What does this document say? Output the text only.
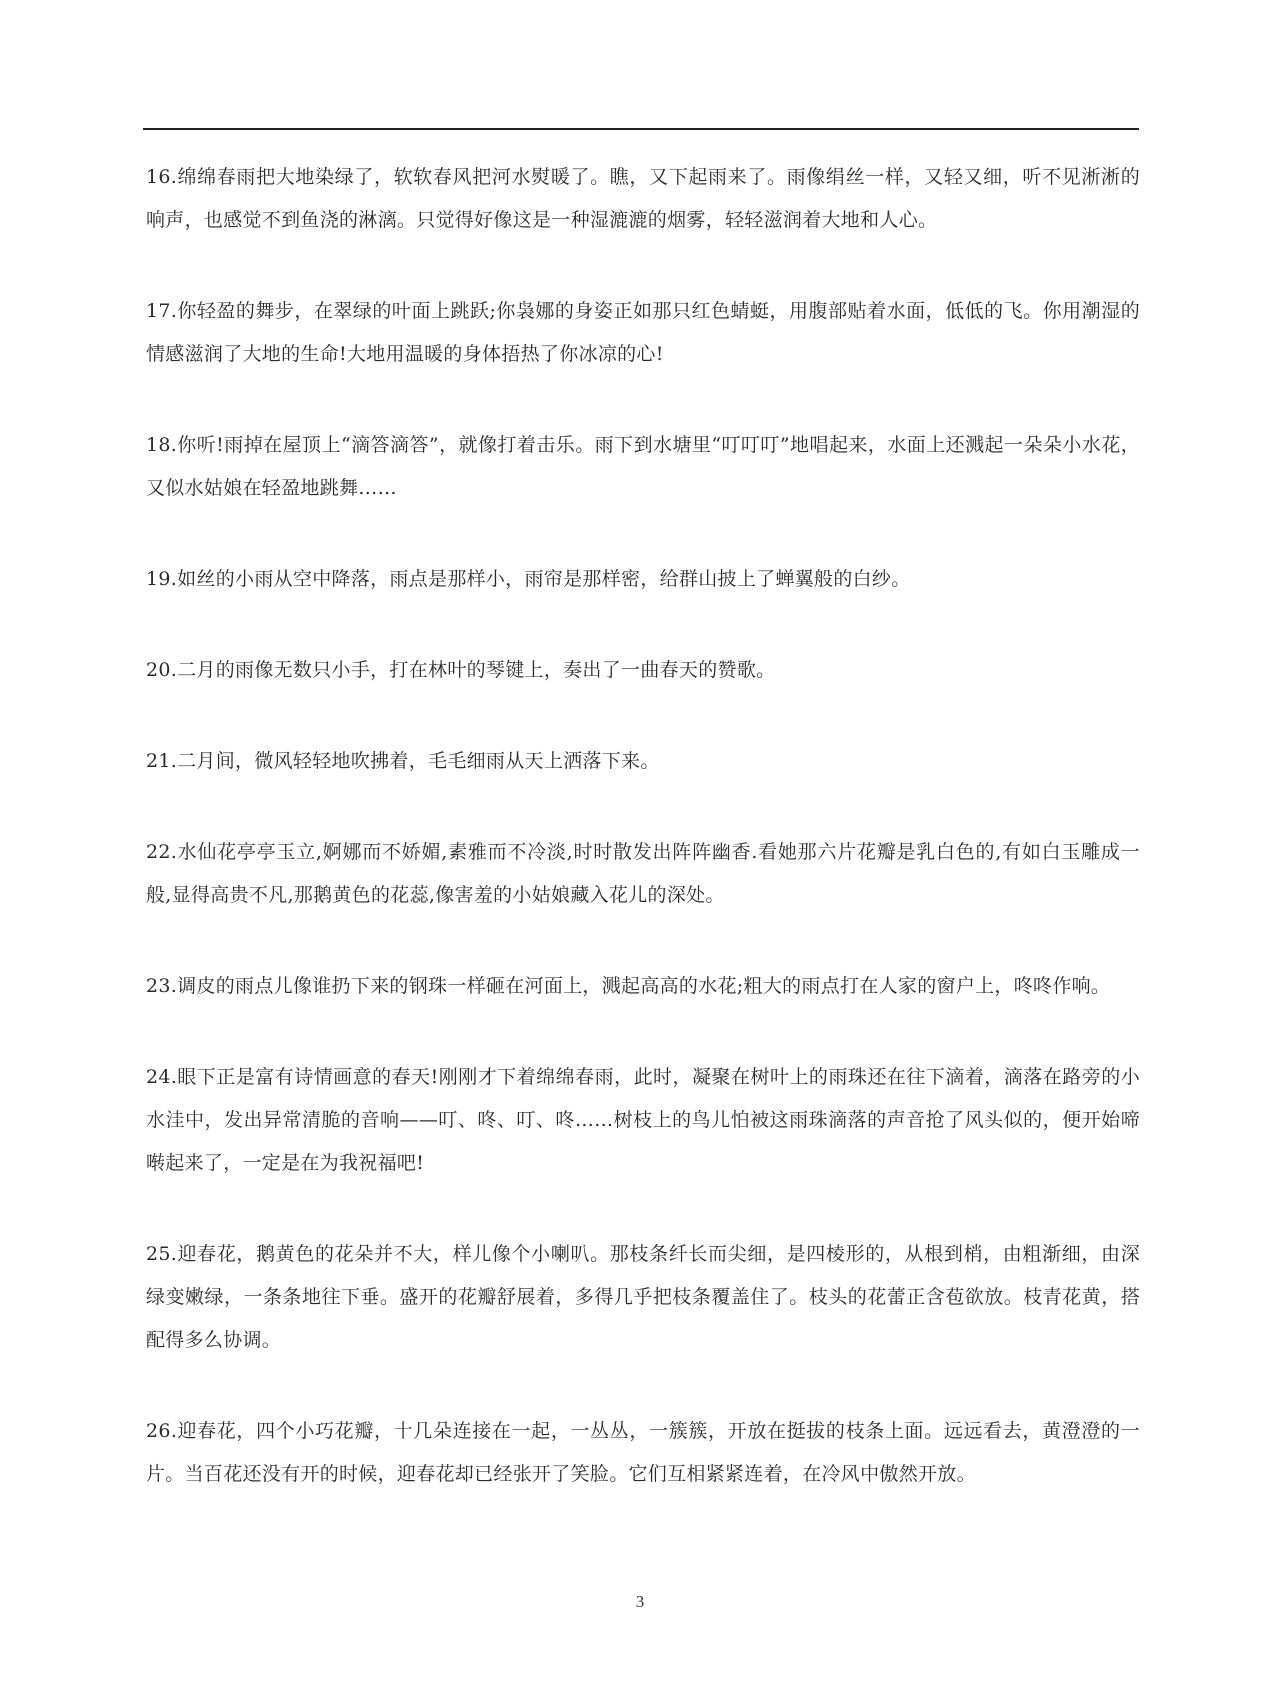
16.绵绵春雨把大地染绿了，软软春风把河水熨暖了。瞧，又下起雨来了。雨像绢丝一样，又轻又细，听不见淅淅的响声，也感觉不到鱼浇的淋漓。只觉得好像这是一种湿漉漉的烟雾，轻轻滋润着大地和人心。

17.你轻盈的舞步，在翠绿的叶面上跳跃;你袅娜的身姿正如那只红色蜻蜓，用腹部贴着水面，低低的飞。你用潮湿的情感滋润了大地的生命!大地用温暖的身体捂热了你冰凉的心!

18.你听!雨掉在屋顶上“滴答滴答”，就像打着击乐。雨下到水塘里“叮叮叮”地唱起来，水面上还溅起一朵朵小水花，又似水姑娘在轻盈地跳舞……

19.如丝的小雨从空中降落，雨点是那样小，雨帘是那样密，给群山披上了蝉翼般的白纱。

20.二月的雨像无数只小手，打在林叶的琴键上，奏出了一曲春天的赞歌。

21.二月间，微风轻轻地吹拂着，毛毛细雨从天上洒落下来。

22.水仙花亭亭玉立,婀娜而不娇媚,素雅而不冷淡,时时散发出阵阵幽香.看她那六片花瓣是乳白色的,有如白玉雕成一般,显得高贵不凡,那鹅黄色的花蕊,像害羞的小姑娘藏入花儿的深处。

23.调皮的雨点儿像谁扔下来的钢珠一样砸在河面上，溅起高高的水花;粗大的雨点打在人家的窗户上，咚咚作响。

24.眼下正是富有诗情画意的春天!刚刚才下着绵绵春雨，此时，凝聚在树叶上的雨珠还在往下滴着，滴落在路旁的小水洼中，发出异常清脆的音响——叮、咚、叮、咚……树枝上的鸟儿怕被这雨珠滴落的声音抢了风头似的，便开始啼啭起来了，一定是在为我祝福吧!

25.迎春花，鹅黄色的花朵并不大，样儿像个小喇叭。那枝条纤长而尖细，是四棱形的，从根到梢，由粗渐细，由深绿变嫩绿，一条条地往下垂。盛开的花瓣舒展着，多得几乎把枝条覆盖住了。枝头的花蕾正含苞欲放。枝青花黄，搭配得多么协调。

26.迎春花，四个小巧花瓣，十几朵连接在一起，一丛丛，一簇簇，开放在挺拔的枝条上面。远远看去，黄澄澄的一片。当百花还没有开的时候，迎春花却已经张开了笑脸。它们互相紧紧连着，在冷风中傲然开放。

3
